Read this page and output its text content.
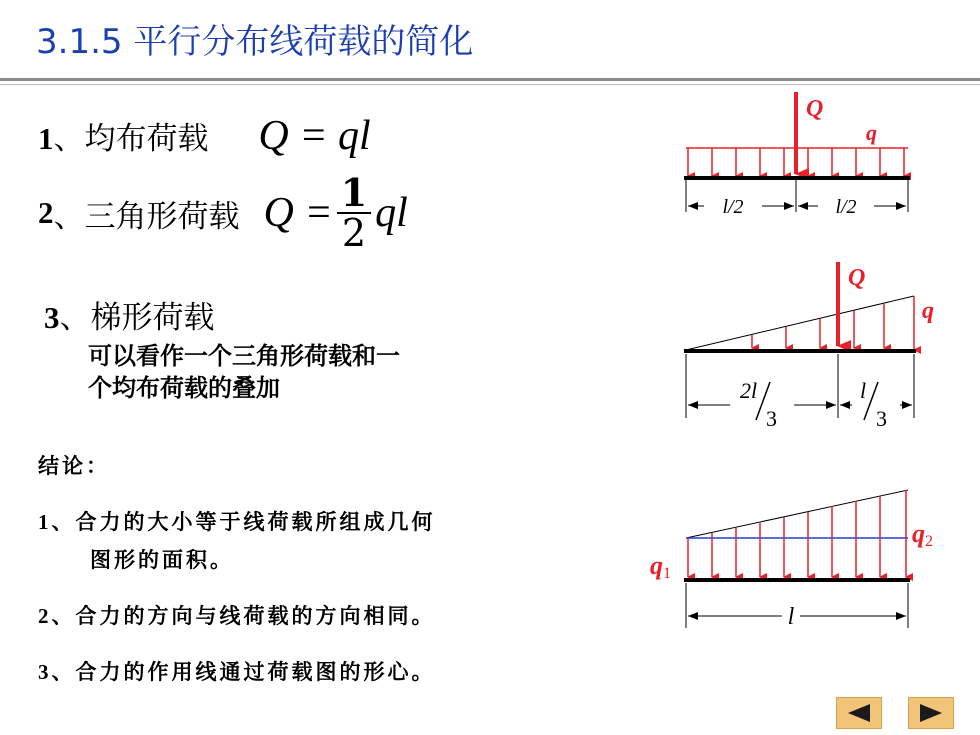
3.1.5 平行分布线荷载的简化
1、均布荷载 Q = ql
2 、三角形荷载 $Q = \frac{1}{2}$ ql
3、梯形荷载
可以看作一个三角形荷载和一
个均布荷载的叠加
结论：
1、合力的大小等于线荷载所组成几何
图形的面积。
2、合力的方向与线荷载的方向相同。
3、合力的作用线通过荷载图的形心。
Q
q
l/2	l/2
Q
q
2l
3
l
3
q1
q2
l
